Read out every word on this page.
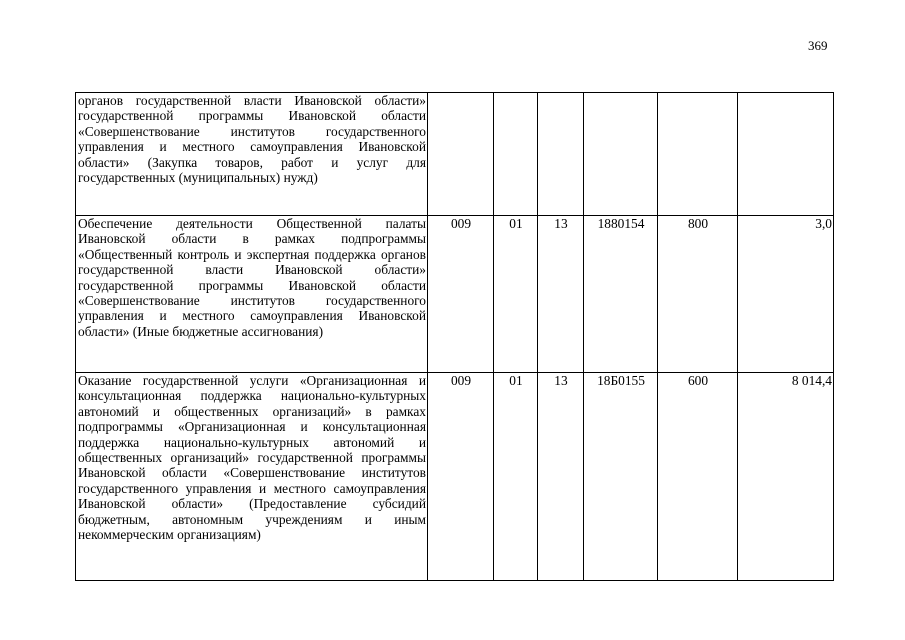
369
органов государственной власти Ивановской области» государственной программы Ивановской области «Совершенствование институтов государственного управления и местного самоуправления Ивановской области» (Закупка товаров, работ и услуг для государственных (муниципальных) нужд)						
Обеспечение деятельности Общественной палаты Ивановской области в рамках подпрограммы «Общественный контроль и экспертная поддержка органов государственной власти Ивановской области» государственной программы Ивановской области «Совершенствование институтов государственного управления и местного самоуправления Ивановской области» (Иные бюджетные ассигнования)	009	01	13	1880154	800	3,0
Оказание государственной услуги «Организационная и консультационная поддержка национально-культурных автономий и общественных организаций» в рамках подпрограммы «Организационная и консультационная поддержка национально-культурных автономий и общественных организаций» государственной программы Ивановской области «Совершенствование институтов государственного управления и местного самоуправления Ивановской области» (Предоставление субсидий бюджетным, автономным учреждениям и иным некоммерческим организациям)	009	01	13	18Б0155	600	8 014,4
